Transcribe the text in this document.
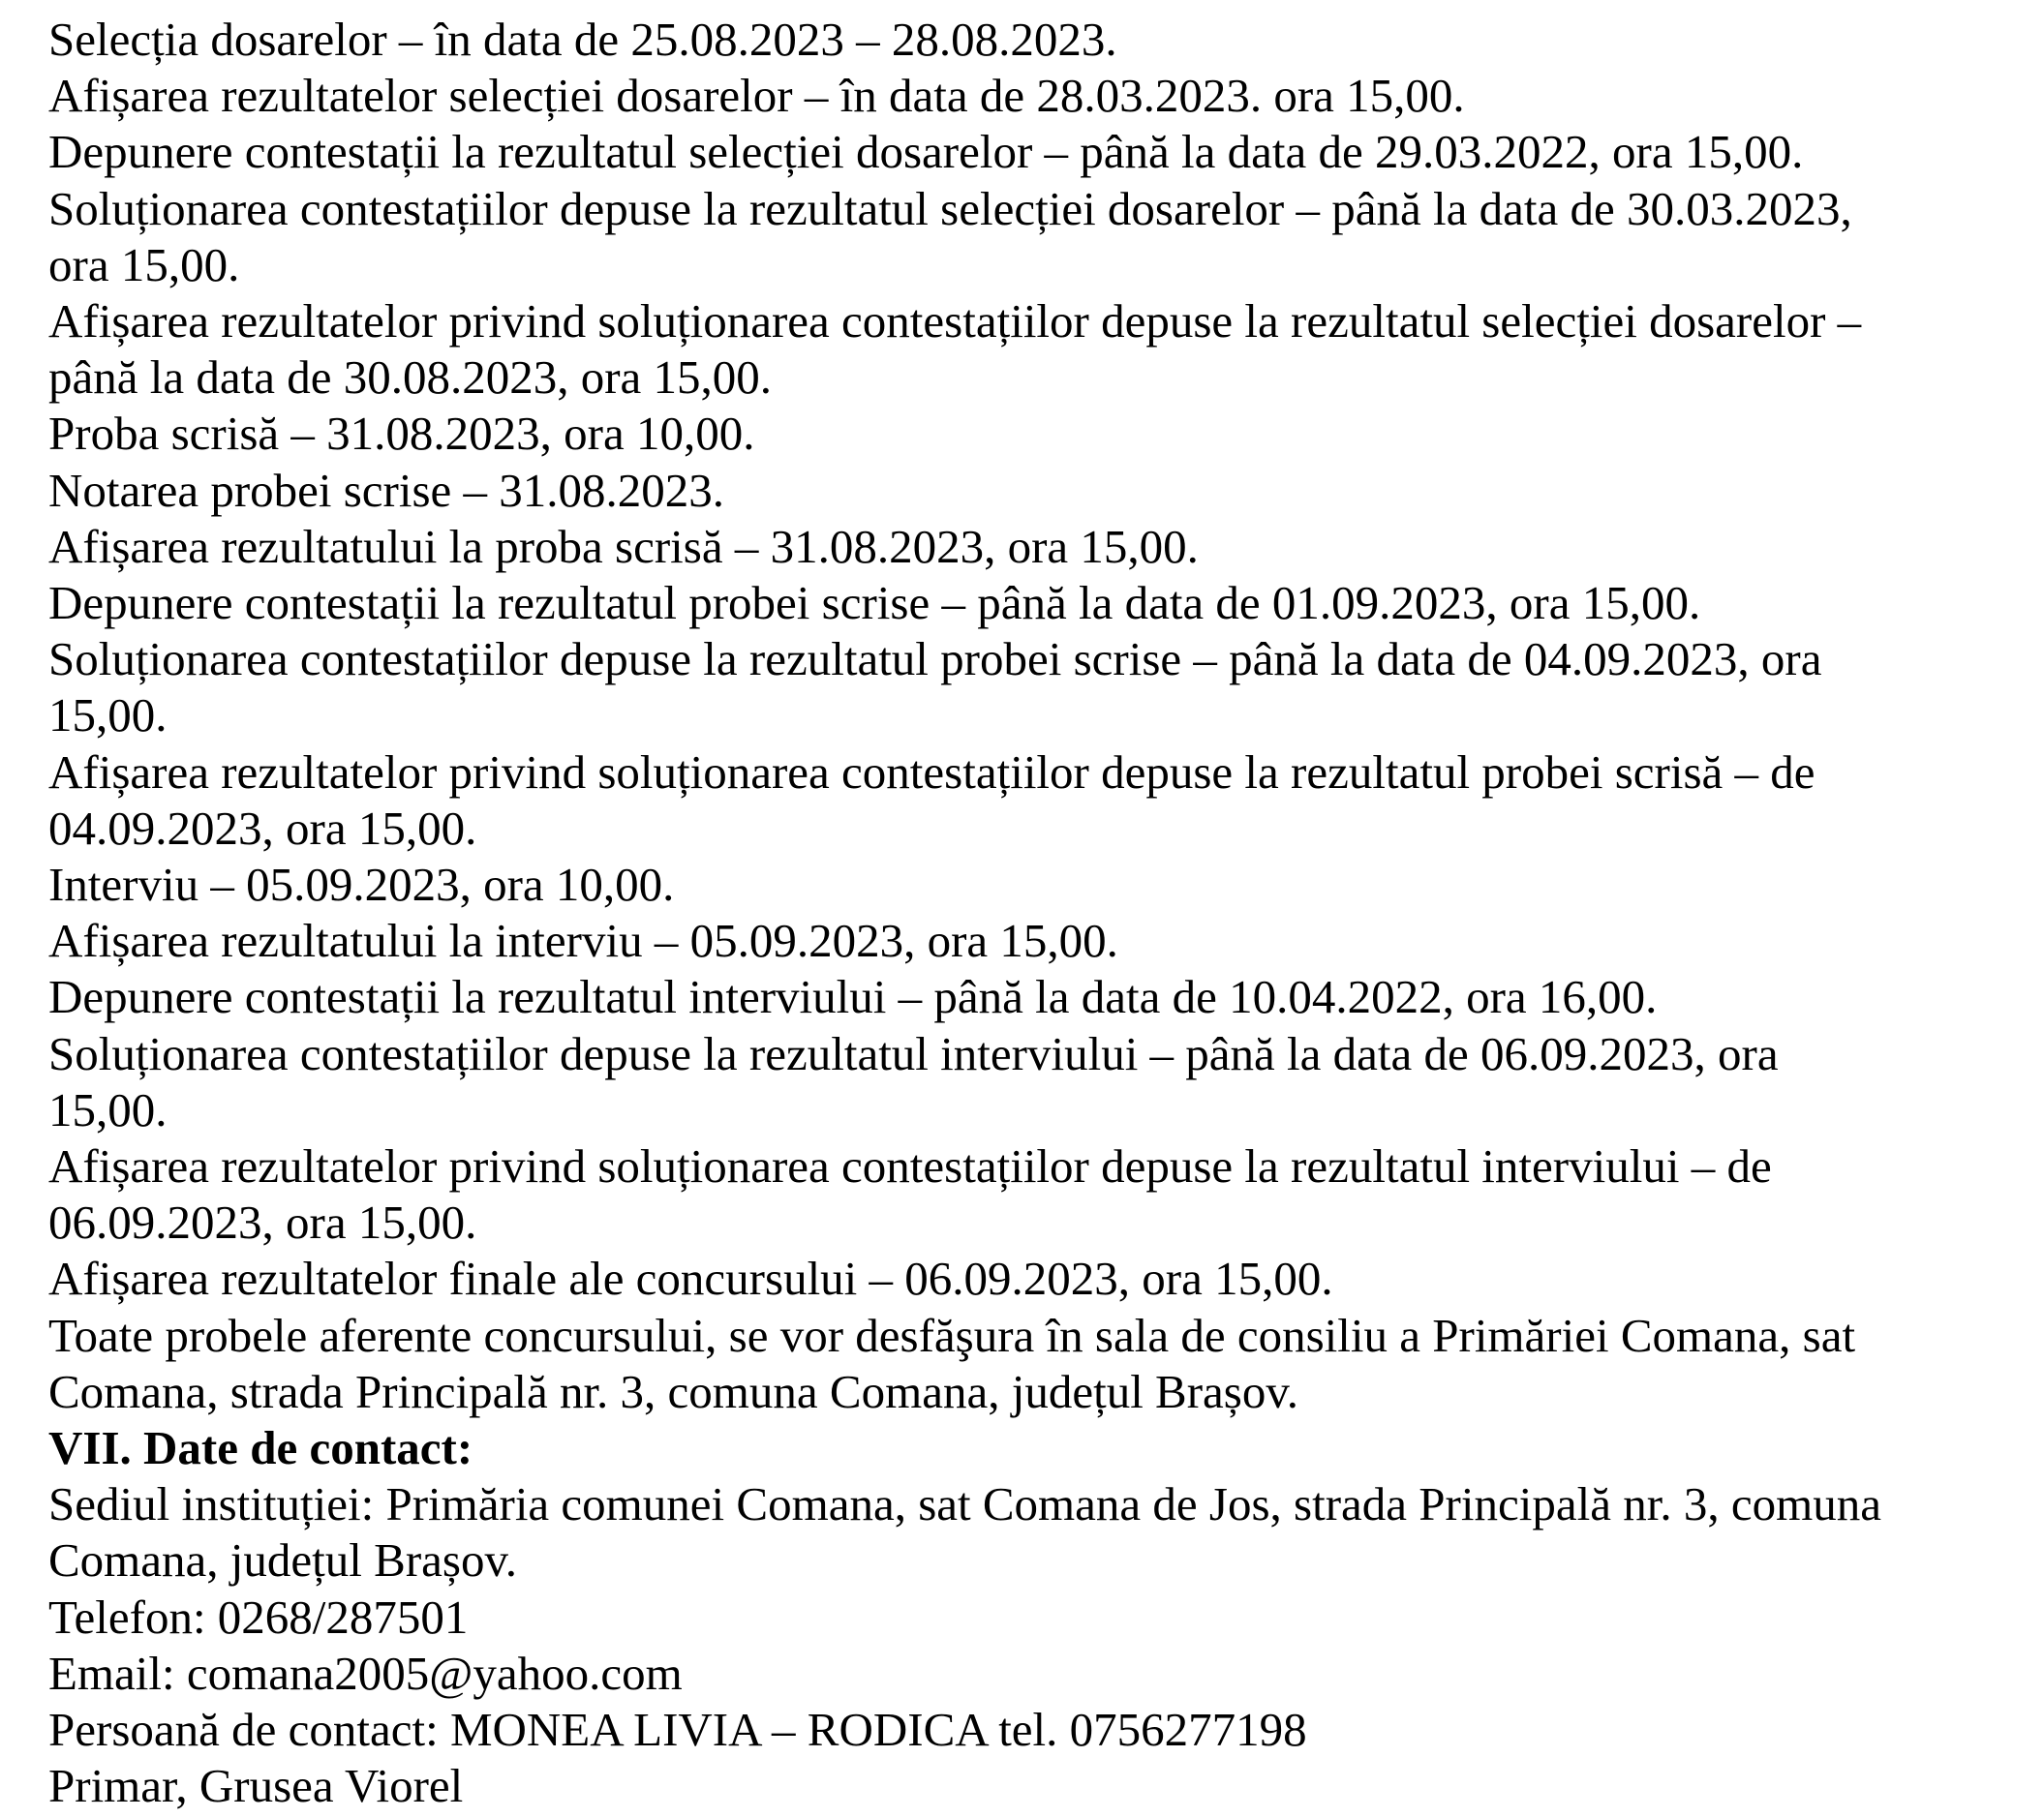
Selecția dosarelor – în data de 25.08.2023 – 28.08.2023.
Afișarea rezultatelor selecției dosarelor – în data de 28.03.2023. ora 15,00.
Depunere contestații la rezultatul selecției dosarelor – până la data de 29.03.2022, ora 15,00.
Soluționarea contestațiilor depuse la rezultatul selecției dosarelor – până la data de 30.03.2023,
ora 15,00.
Afișarea rezultatelor privind soluționarea contestațiilor depuse la rezultatul selecției dosarelor –
până la data de 30.08.2023, ora 15,00.
Proba scrisă – 31.08.2023, ora 10,00.
Notarea probei scrise – 31.08.2023.
Afișarea rezultatului la proba scrisă – 31.08.2023, ora 15,00.
Depunere contestații la rezultatul probei scrise – până la data de 01.09.2023, ora 15,00.
Soluționarea contestațiilor depuse la rezultatul probei scrise – până la data de 04.09.2023, ora
15,00.
Afișarea rezultatelor privind soluționarea contestațiilor depuse la rezultatul probei scrisă – de
04.09.2023, ora 15,00.
Interviu – 05.09.2023, ora 10,00.
Afișarea rezultatului la interviu – 05.09.2023, ora 15,00.
Depunere contestații la rezultatul interviului – până la data de 10.04.2022, ora 16,00.
Soluționarea contestațiilor depuse la rezultatul interviului – până la data de 06.09.2023, ora
15,00.
Afișarea rezultatelor privind soluționarea contestațiilor depuse la rezultatul interviului – de
06.09.2023, ora 15,00.
Afișarea rezultatelor finale ale concursului – 06.09.2023, ora 15,00.
Toate probele aferente concursului, se vor desfăşura în sala de consiliu a Primăriei Comana, sat
Comana, strada Principală nr. 3, comuna Comana, județul Brașov.
VII. Date de contact:
Sediul instituției: Primăria comunei Comana, sat Comana de Jos, strada Principală nr. 3, comuna
Comana, județul Brașov.
Telefon: 0268/287501
Email: comana2005@yahoo.com
Persoană de contact: MONEA LIVIA – RODICA tel. 0756277198
Primar, Grusea Viorel
